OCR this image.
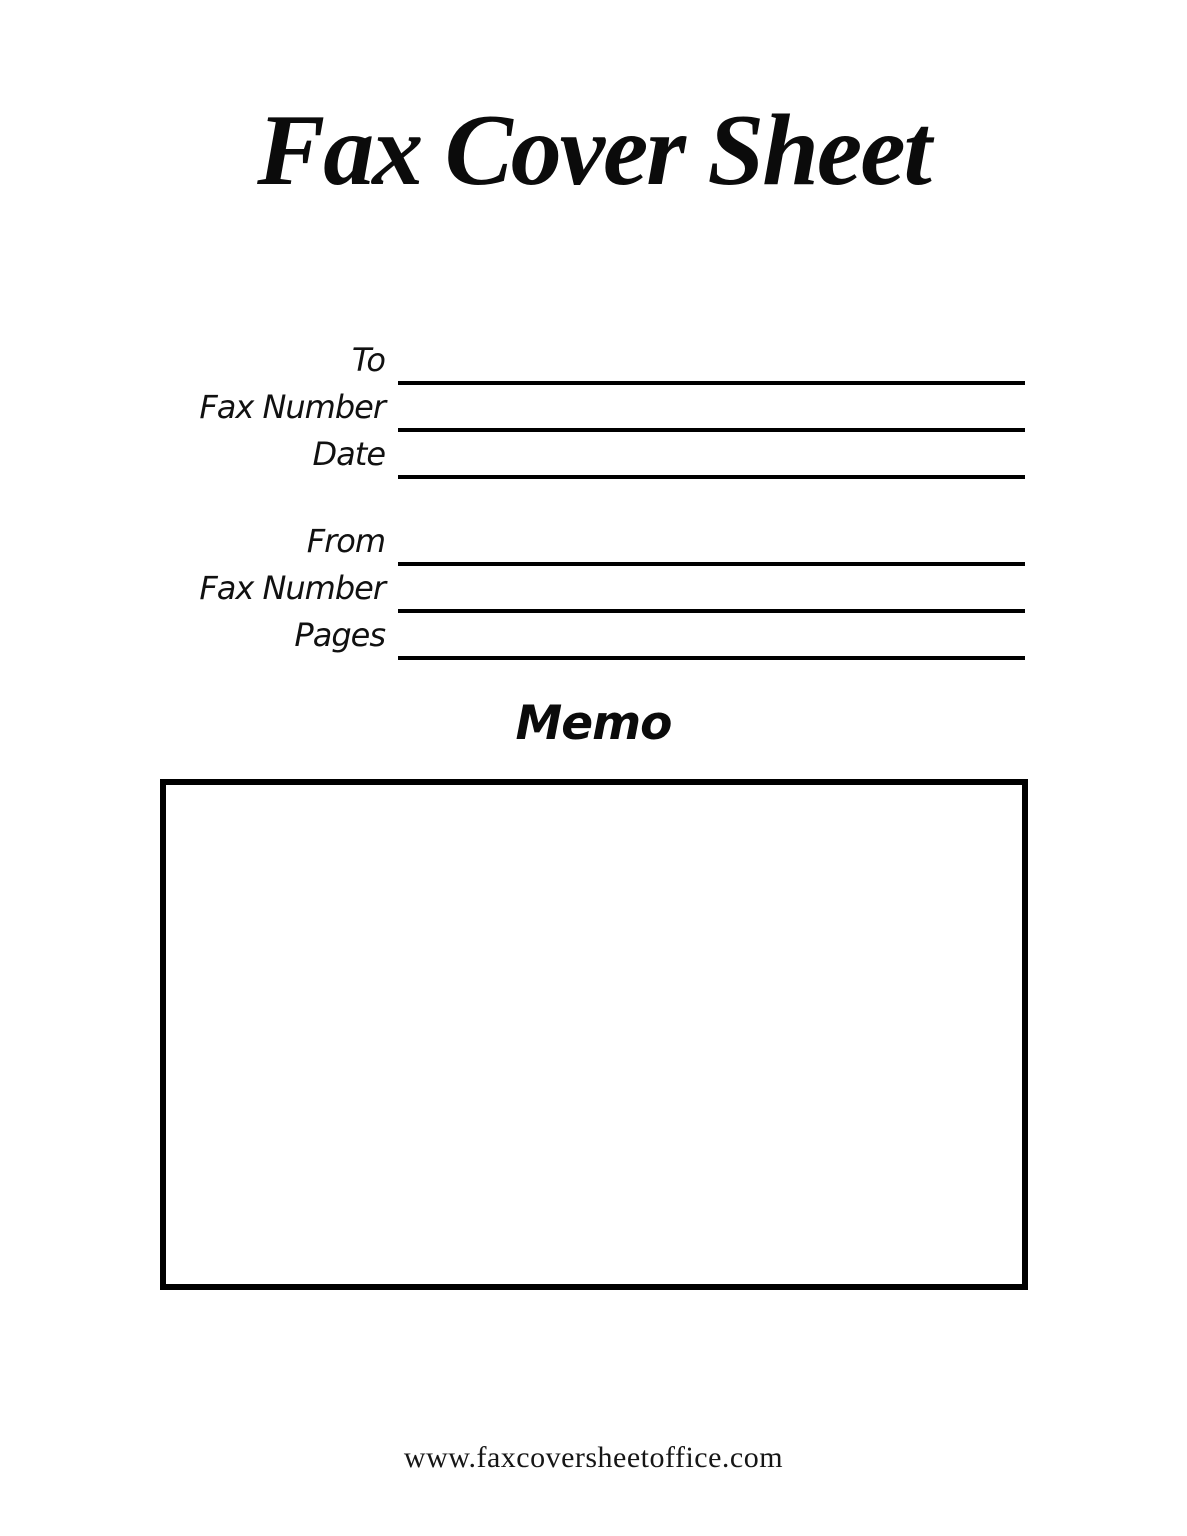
Fax Cover Sheet
To
Fax Number
Date
From
Fax Number
Pages
Memo
www.faxcoversheetoffice.com
